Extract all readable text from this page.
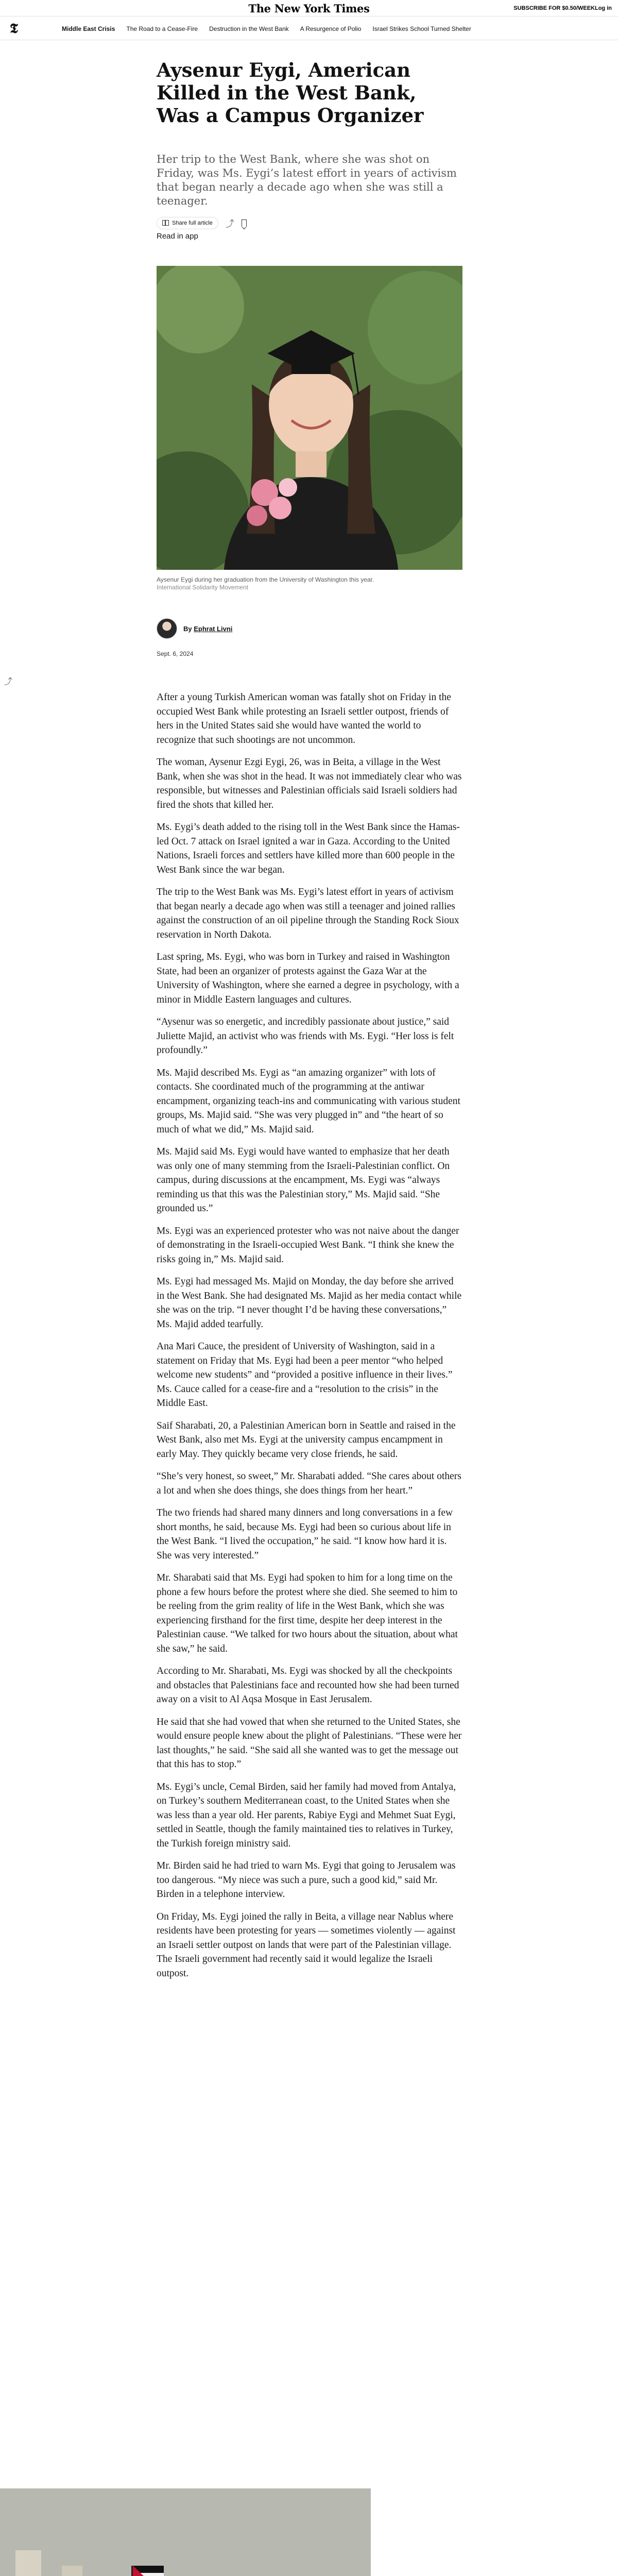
The New York Times	SUBSCRIBE FOR $0.50/WEEKLog in
𝕿	Middle East Crisis The Road to a Cease-Fire Destruction in the West Bank A Resurgence of Polio Israel Strikes School Turned Shelter
Aysenur Eygi, American Killed in the West Bank, Was a Campus Organizer

Her trip to the West Bank, where she was shot on Friday, was Ms. Eygi’s latest effort in years of activism that began nearly a decade ago when she was still a teenager.

Share full article ⤴
Read in app
Aysenur Eygi during her graduation from the University of Washington this year.
International Solidarity Movement
By Ephrat Livni
Sept. 6, 2024
⤴

After a young Turkish American woman was fatally shot on Friday in the occupied West Bank while protesting an Israeli settler outpost, friends of hers in the United States said she would have wanted the world to recognize that such shootings are not uncommon.

The woman, Aysenur Ezgi Eygi, 26, was in Beita, a village in the West Bank, when she was shot in the head. It was not immediately clear who was responsible, but witnesses and Palestinian officials said Israeli soldiers had fired the shots that killed her.

Ms. Eygi’s death added to the rising toll in the West Bank since the Hamas-led Oct. 7 attack on Israel ignited a war in Gaza. According to the United Nations, Israeli forces and settlers have killed more than 600 people in the West Bank since the war began.

The trip to the West Bank was Ms. Eygi’s latest effort in years of activism that began nearly a decade ago when was still a teenager and joined rallies against the construction of an oil pipeline through the Standing Rock Sioux reservation in North Dakota.

Last spring, Ms. Eygi, who was born in Turkey and raised in Washington State, had been an organizer of protests against the Gaza War at the University of Washington, where she earned a degree in psychology, with a minor in Middle Eastern languages and cultures.

“Aysenur was so energetic, and incredibly passionate about justice,” said Juliette Majid, an activist who was friends with Ms. Eygi. “Her loss is felt profoundly.”

Ms. Majid described Ms. Eygi as “an amazing organizer” with lots of contacts. She coordinated much of the programming at the antiwar encampment, organizing teach-ins and communicating with various student groups, Ms. Majid said. “She was very plugged in” and “the heart of so much of what we did,” Ms. Majid said.

Ms. Majid said Ms. Eygi would have wanted to emphasize that her death was only one of many stemming from the Israeli-Palestinian conflict. On campus, during discussions at the encampment, Ms. Eygi was “always reminding us that this was the Palestinian story,” Ms. Majid said. “She grounded us.”

Ms. Eygi was an experienced protester who was not naive about the danger of demonstrating in the Israeli-occupied West Bank. “I think she knew the risks going in,” Ms. Majid said.

Ms. Eygi had messaged Ms. Majid on Monday, the day before she arrived in the West Bank. She had designated Ms. Majid as her media contact while she was on the trip. “I never thought I’d be having these conversations,” Ms. Majid added tearfully.

Ana Mari Cauce, the president of University of Washington, said in a statement on Friday that Ms. Eygi had been a peer mentor “who helped welcome new students” and “provided a positive influence in their lives.” Ms. Cauce called for a cease-fire and a “resolution to the crisis” in the Middle East.

Saif Sharabati, 20, a Palestinian American born in Seattle and raised in the West Bank, also met Ms. Eygi at the university campus encampment in early May. They quickly became very close friends, he said.

“She’s very honest, so sweet,” Mr. Sharabati added. “She cares about others a lot and when she does things, she does things from her heart.”

The two friends had shared many dinners and long conversations in a few short months, he said, because Ms. Eygi had been so curious about life in the West Bank. “I lived the occupation,” he said. “I know how hard it is. She was very interested.”

Mr. Sharabati said that Ms. Eygi had spoken to him for a long time on the phone a few hours before the protest where she died. She seemed to him to be reeling from the grim reality of life in the West Bank, which she was experiencing firsthand for the first time, despite her deep interest in the Palestinian cause. “We talked for two hours about the situation, about what she saw,” he said.

According to Mr. Sharabati, Ms. Eygi was shocked by all the checkpoints and obstacles that Palestinians face and recounted how she had been turned away on a visit to Al Aqsa Mosque in East Jerusalem.

He said that she had vowed that when she returned to the United States, she would ensure people knew about the plight of Palestinians. “These were her last thoughts,” he said. “She said all she wanted was to get the message out that this has to stop.”

Ms. Eygi’s uncle, Cemal Birden, said her family had moved from Antalya, on Turkey’s southern Mediterranean coast, to the United States when she was less than a year old. Her parents, Rabiye Eygi and Mehmet Suat Eygi, settled in Seattle, though the family maintained ties to relatives in Turkey, the Turkish foreign ministry said.

Mr. Birden said he had tried to warn Ms. Eygi that going to Jerusalem was too dangerous. “My niece was such a pure, such a good kid,” said Mr. Birden in a telephone interview.

On Friday, Ms. Eygi joined the rally in Beita, a village near Nablus where residents have been protesting for years — sometimes violently — against an Israeli settler outpost on lands that were part of the Palestinian village. The Israeli government had recently said it would legalize the Israeli outpost.
